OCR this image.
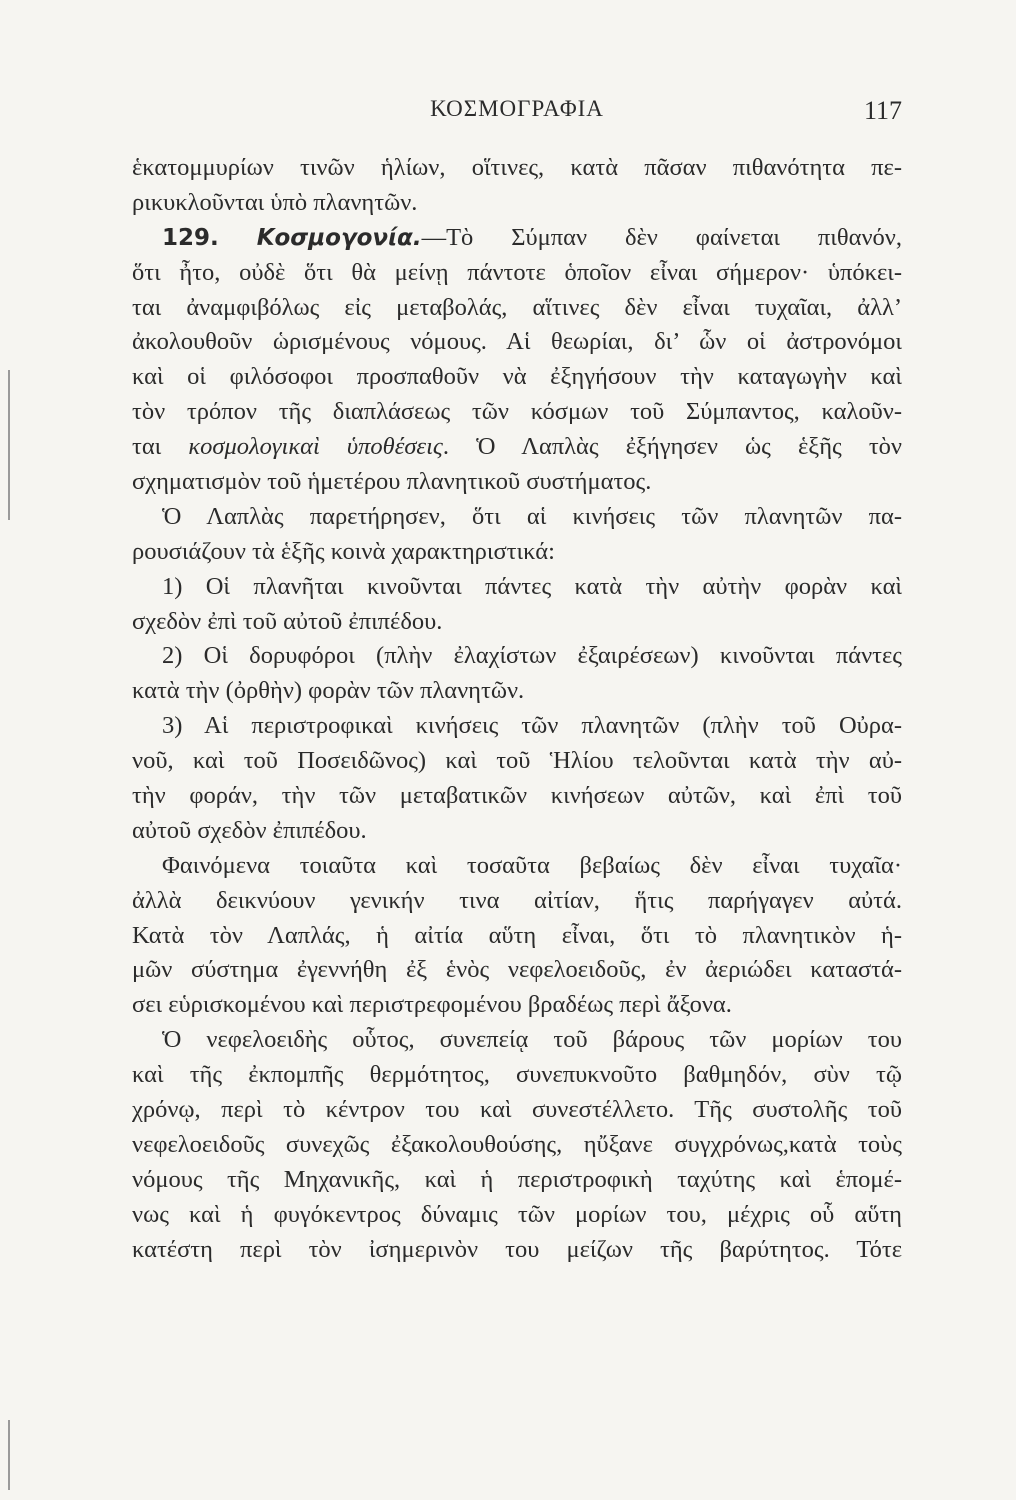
ΚΟΣΜΟΓΡΑΦΙΑ	117
ἑκατομμυρίων τινῶν ἡλίων, οἵτινες, κατὰ πᾶσαν πιθανότητα πε-
ρικυκλοῦνται ὑπὸ πλανητῶν.
129. Κοσμογονία.—Τὸ Σύμπαν δὲν φαίνεται πιθανόν,
ὅτι ἦτο, οὐδὲ ὅτι θὰ μείνῃ πάντοτε ὁποῖον εἶναι σήμερον· ὑπόκει-
ται ἀναμφιβόλως εἰς μεταβολάς, αἵτινες δὲν εἶναι τυχαῖαι, ἀλλ’
ἀκολουθοῦν ὡρισμένους νόμους. Αἱ θεωρίαι, δι’ ὧν οἱ ἀστρονόμοι
καὶ οἱ φιλόσοφοι προσπαθοῦν νὰ ἐξηγήσουν τὴν καταγωγὴν καὶ
τὸν τρόπον τῆς διαπλάσεως τῶν κόσμων τοῦ Σύμπαντος, καλοῦν-
ται κοσμολογικαὶ ὑποθέσεις. Ὁ Λαπλὰς ἐξήγησεν ὡς ἑξῆς τὸν
σχηματισμὸν τοῦ ἡμετέρου πλανητικοῦ συστήματος.
Ὁ Λαπλὰς παρετήρησεν, ὅτι αἱ κινήσεις τῶν πλανητῶν πα-
ρουσιάζουν τὰ ἑξῆς κοινὰ χαρακτηριστικά:
1) Οἱ πλανῆται κινοῦνται πάντες κατὰ τὴν αὐτὴν φορὰν καὶ
σχεδὸν ἐπὶ τοῦ αὐτοῦ ἐπιπέδου.
2) Οἱ δορυφόροι (πλὴν ἐλαχίστων ἐξαιρέσεων) κινοῦνται πάντες
κατὰ τὴν (ὀρθὴν) φορὰν τῶν πλανητῶν.
3) Αἱ περιστροφικαὶ κινήσεις τῶν πλανητῶν (πλὴν τοῦ Οὐρα-
νοῦ, καὶ τοῦ Ποσειδῶνος) καὶ τοῦ Ἡλίου τελοῦνται κατὰ τὴν αὐ-
τὴν φοράν, τὴν τῶν μεταβατικῶν κινήσεων αὐτῶν, καὶ ἐπὶ τοῦ
αὐτοῦ σχεδὸν ἐπιπέδου.
Φαινόμενα τοιαῦτα καὶ τοσαῦτα βεβαίως δὲν εἶναι τυχαῖα·
ἀλλὰ δεικνύουν γενικήν τινα αἰτίαν, ἥτις παρήγαγεν αὐτά.
Κατὰ τὸν Λαπλάς, ἡ αἰτία αὕτη εἶναι, ὅτι τὸ πλανητικὸν ἡ-
μῶν σύστημα ἐγεννήθη ἐξ ἑνὸς νεφελοειδοῦς, ἐν ἀεριώδει καταστά-
σει εὑρισκομένου καὶ περιστρεφομένου βραδέως περὶ ἄξονα.
Ὁ νεφελοειδὴς οὗτος, συνεπείᾳ τοῦ βάρους τῶν μορίων του
καὶ τῆς ἐκπομπῆς θερμότητος, συνεπυκνοῦτο βαθμηδόν, σὺν τῷ
χρόνῳ, περὶ τὸ κέντρον του καὶ συνεστέλλετο. Τῆς συστολῆς τοῦ
νεφελοειδοῦς συνεχῶς ἐξακολουθούσης, ηὔξανε συγχρόνως,κατὰ τοὺς
νόμους τῆς Μηχανικῆς, καὶ ἡ περιστροφικὴ ταχύτης καὶ ἑπομέ-
νως καὶ ἡ φυγόκεντρος δύναμις τῶν μορίων του, μέχρις οὗ αὕτη
κατέστη περὶ τὸν ἰσημερινὸν του μείζων τῆς βαρύτητος. Τότε
